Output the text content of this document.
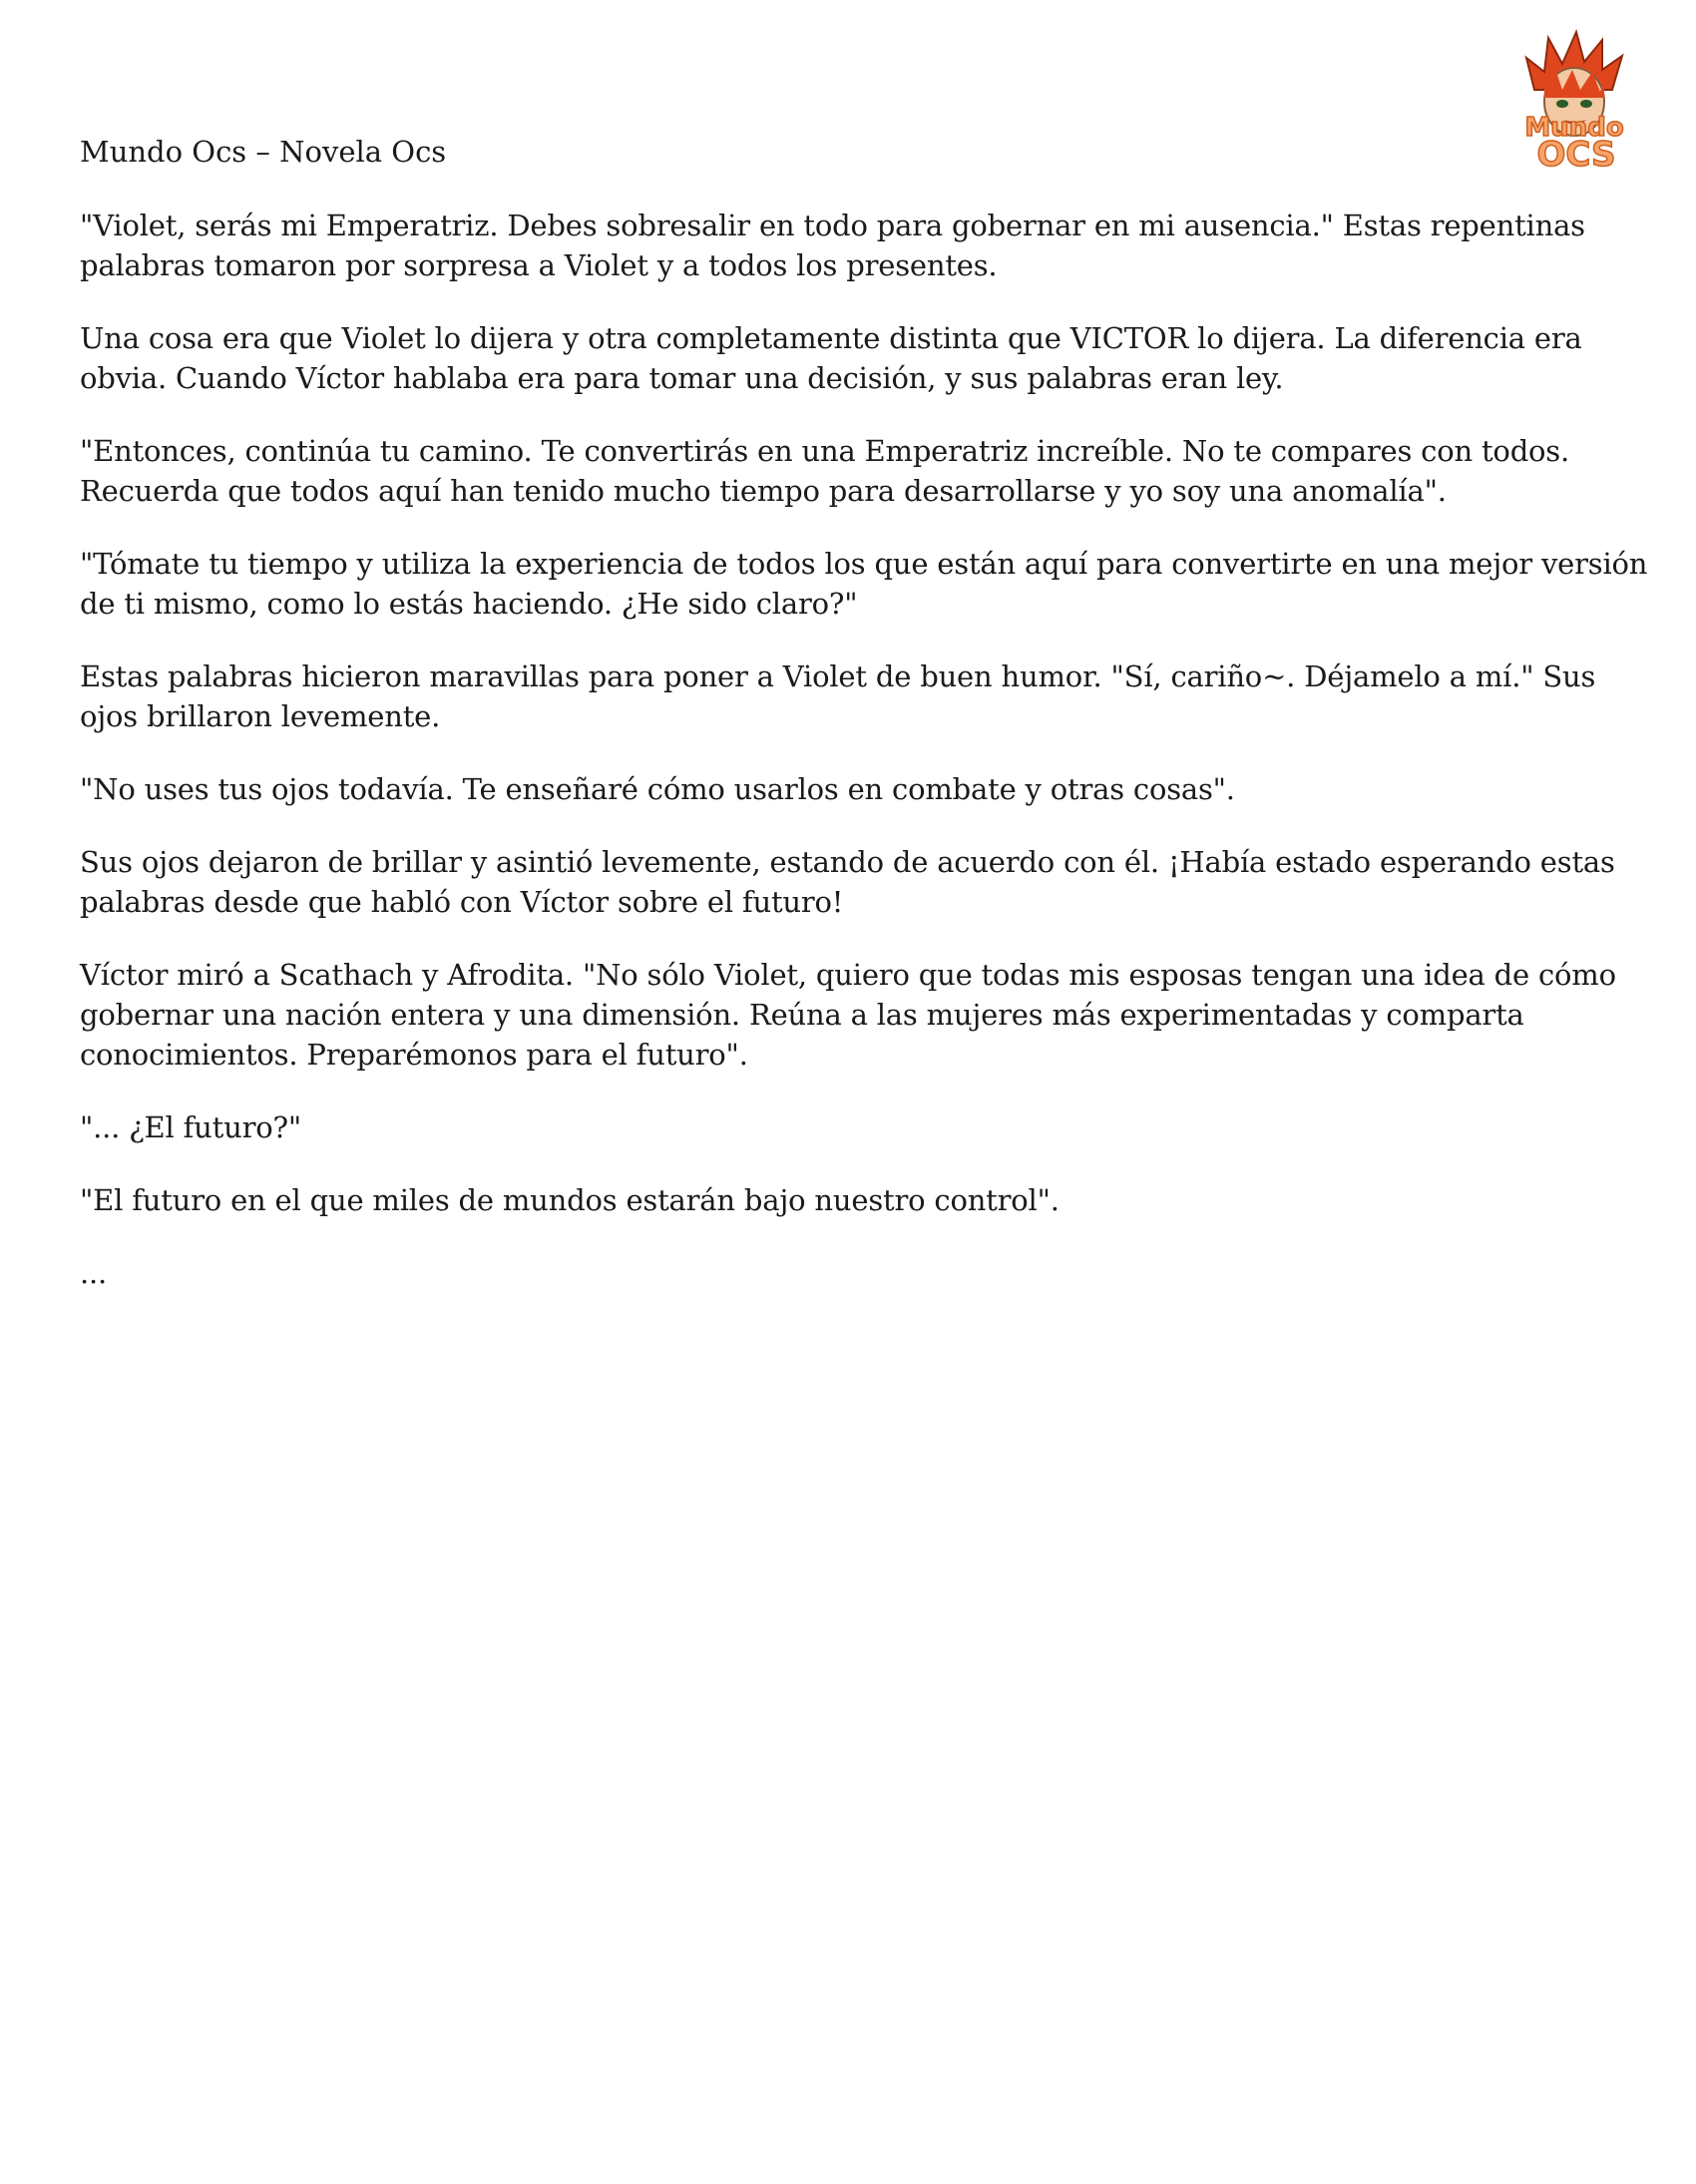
Mundo
OCS
Mundo Ocs – Novela Ocs

"Violet, serás mi Emperatriz. Debes sobresalir en todo para gobernar en mi ausencia." Estas repentinas palabras tomaron por sorpresa a Violet y a todos los presentes.

Una cosa era que Violet lo dijera y otra completamente distinta que VICTOR lo dijera. La diferencia era obvia. Cuando Víctor hablaba era para tomar una decisión, y sus palabras eran ley.

"Entonces, continúa tu camino. Te convertirás en una Emperatriz increíble. No te compares con todos. Recuerda que todos aquí han tenido mucho tiempo para desarrollarse y yo soy una anomalía".

"Tómate tu tiempo y utiliza la experiencia de todos los que están aquí para convertirte en una mejor versión de ti mismo, como lo estás haciendo. ¿He sido claro?"

Estas palabras hicieron maravillas para poner a Violet de buen humor. "Sí, cariño~. Déjamelo a mí." Sus ojos brillaron levemente.

"No uses tus ojos todavía. Te enseñaré cómo usarlos en combate y otras cosas".

Sus ojos dejaron de brillar y asintió levemente, estando de acuerdo con él. ¡Había estado esperando estas palabras desde que habló con Víctor sobre el futuro!

Víctor miró a Scathach y Afrodita. "No sólo Violet, quiero que todas mis esposas tengan una idea de cómo gobernar una nación entera y una dimensión. Reúna a las mujeres más experimentadas y comparta conocimientos. Preparémonos para el futuro".

"... ¿El futuro?"

"El futuro en el que miles de mundos estarán bajo nuestro control".

...
